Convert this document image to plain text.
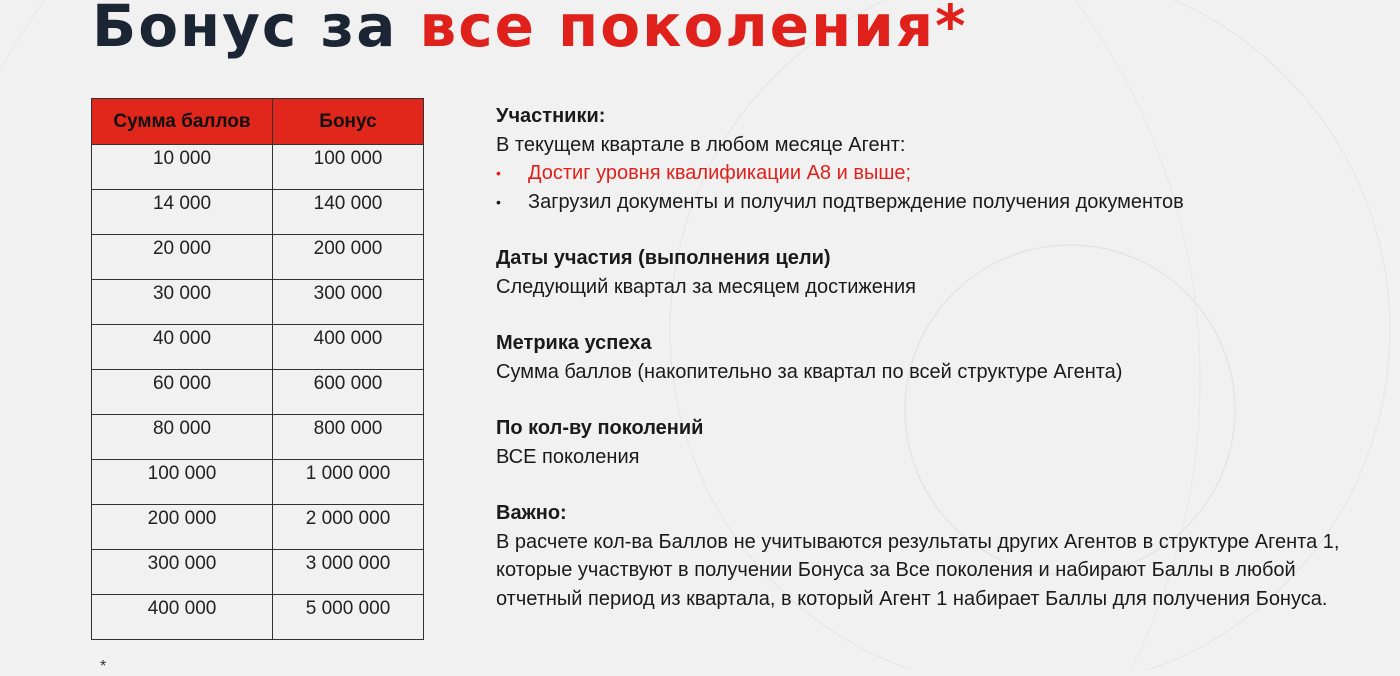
Бонус за все поколения*
Сумма баллов	Бонус
10 000	100 000
14 000	140 000
20 000	200 000
30 000	300 000
40 000	400 000
60 000	600 000
80 000	800 000
100 000	1 000 000
200 000	2 000 000
300 000	3 000 000
400 000	5 000 000
Участники:
В текущем квартале в любом месяце Агент:
• Достиг уровня квалификации А8 и выше;
• Загрузил документы и получил подтверждение получения документов
Даты участия (выполнения цели)
Следующий квартал за месяцем достижения
Метрика успеха
Сумма баллов (накопительно за квартал по всей структуре Агента)
По кол-ву поколений
ВСЕ поколения
Важно:
В расчете кол-ва Баллов не учитываются результаты других Агентов в структуре Агента 1, которые участвуют в получении Бонуса за Все поколения и набирают Баллы в любой отчетный период из квартала, в который Агент 1 набирает Баллы для получения Бонуса.
*
